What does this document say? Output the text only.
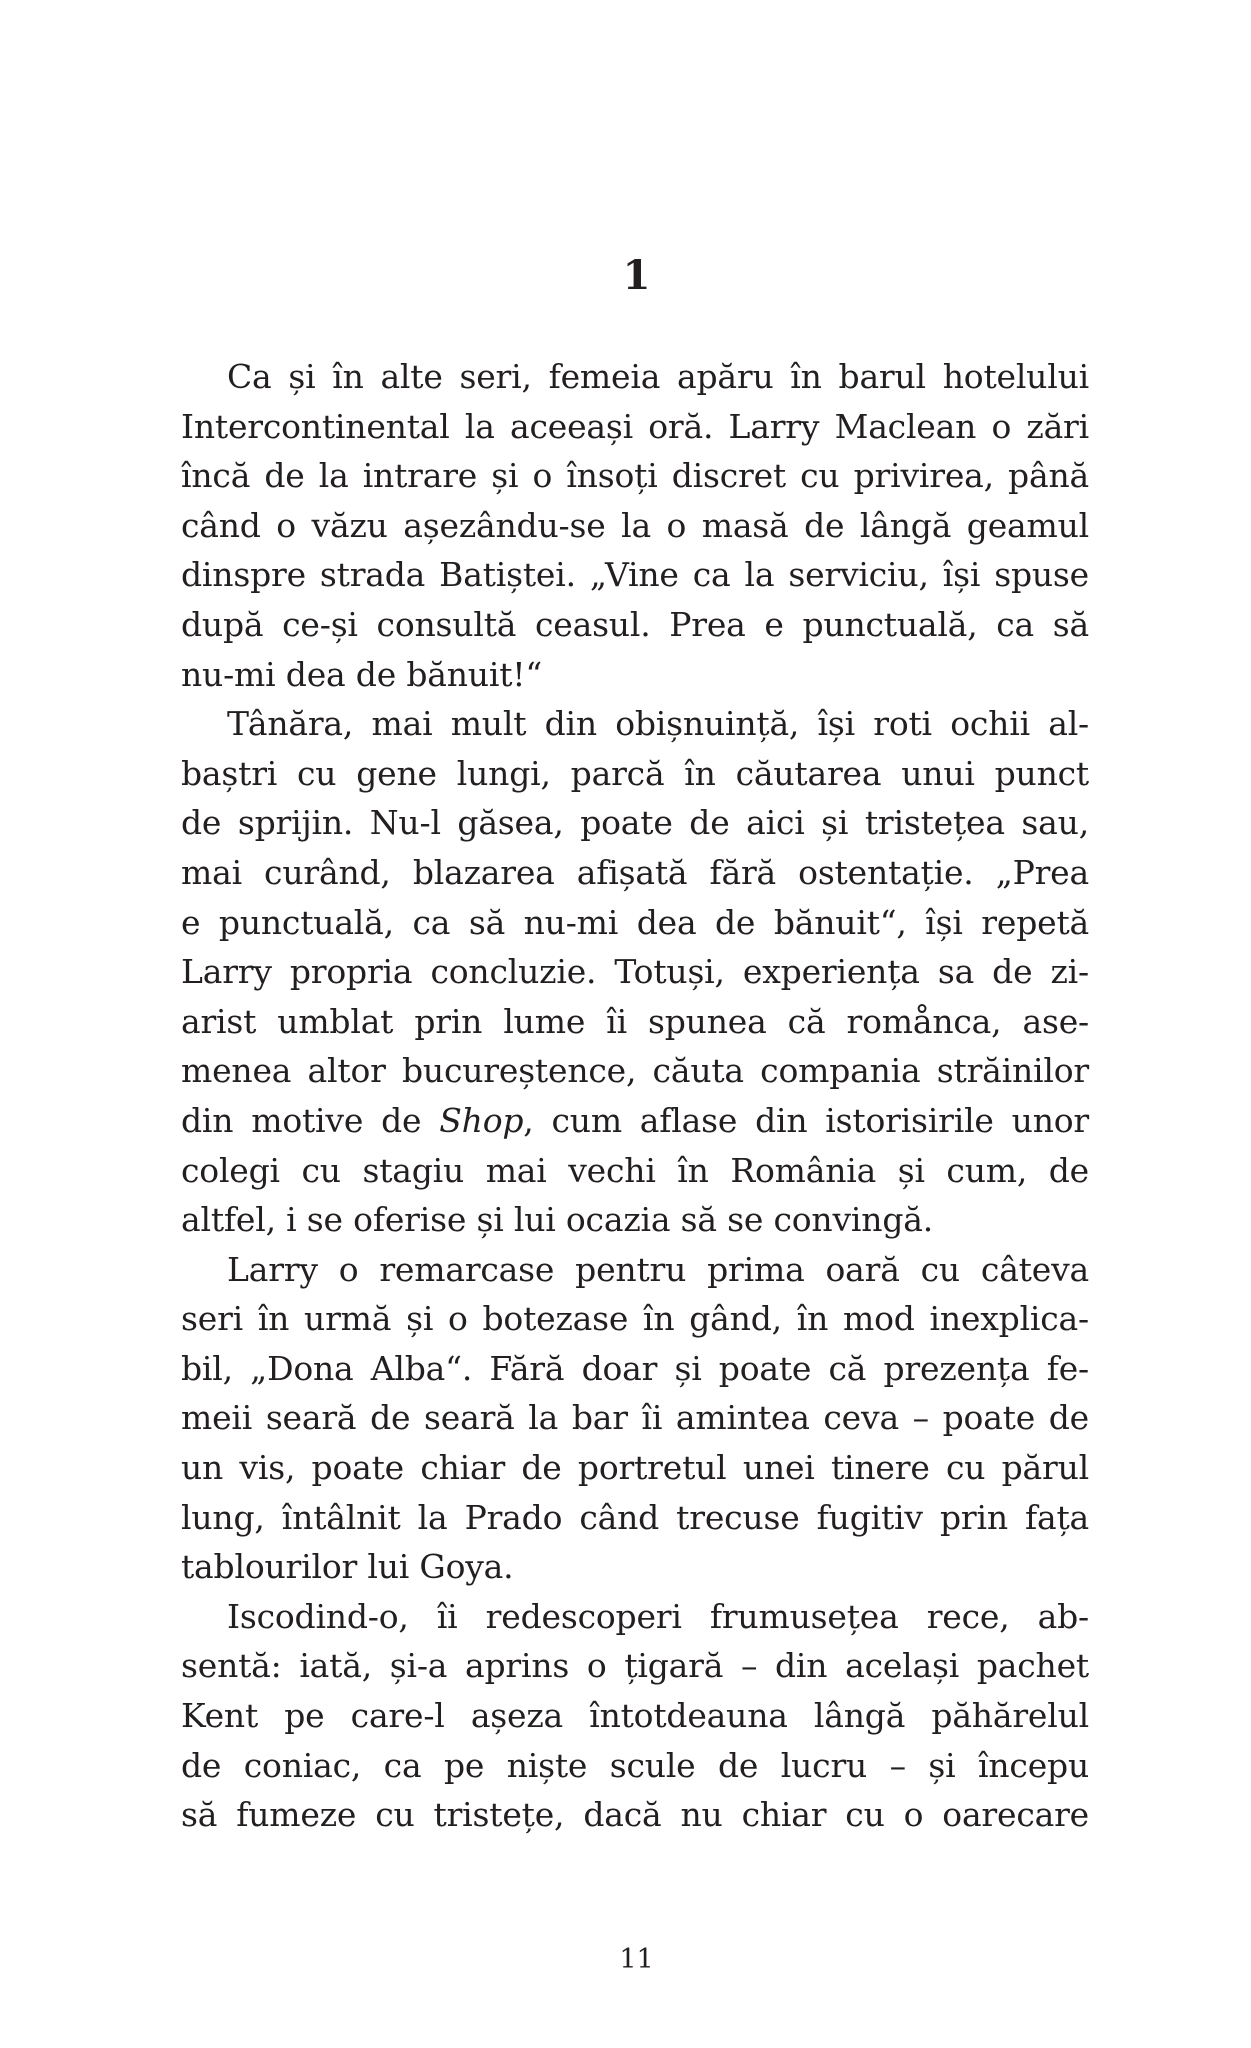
1
Ca și în alte seri, femeia apăru în barul hotelului
Intercontinental la aceeași oră. Larry Maclean o zări
încă de la intrare și o însoți discret cu privirea, până
când o văzu așezându-se la o masă de lângă geamul
dinspre strada Batiștei. „Vine ca la serviciu, își spuse
după ce-și consultă ceasul. Prea e punctuală, ca să
nu-mi dea de bănuit!“
Tânăra, mai mult din obișnuință, își roti ochii al-
baștri cu gene lungi, parcă în căutarea unui punct
de sprijin. Nu-l găsea, poate de aici și tristețea sau,
mai curând, blazarea afișată fără ostentație. „Prea
e punctuală, ca să nu-mi dea de bănuit“, își repetă
Larry propria concluzie. Totuși, experiența sa de zi-
arist umblat prin lume îi spunea că romånca, ase-
menea altor bucureștence, căuta compania străinilor
din motive de Shop, cum aflase din istorisirile unor
colegi cu stagiu mai vechi în România și cum, de
altfel, i se oferise și lui ocazia să se convingă.
Larry o remarcase pentru prima oară cu câteva
seri în urmă și o botezase în gând, în mod inexplica-
bil, „Dona Alba“. Fără doar și poate că prezența fe-
meii seară de seară la bar îi amintea ceva – poate de
un vis, poate chiar de portretul unei tinere cu părul
lung, întâlnit la Prado când trecuse fugitiv prin fața
tablourilor lui Goya.
Iscodind-o, îi redescoperi frumusețea rece, ab-
sentă: iată, și-a aprins o țigară – din același pachet
Kent pe care-l așeza întotdeauna lângă păhărelul
de coniac, ca pe niște scule de lucru – și începu
să fumeze cu tristețe, dacă nu chiar cu o oarecare
11
